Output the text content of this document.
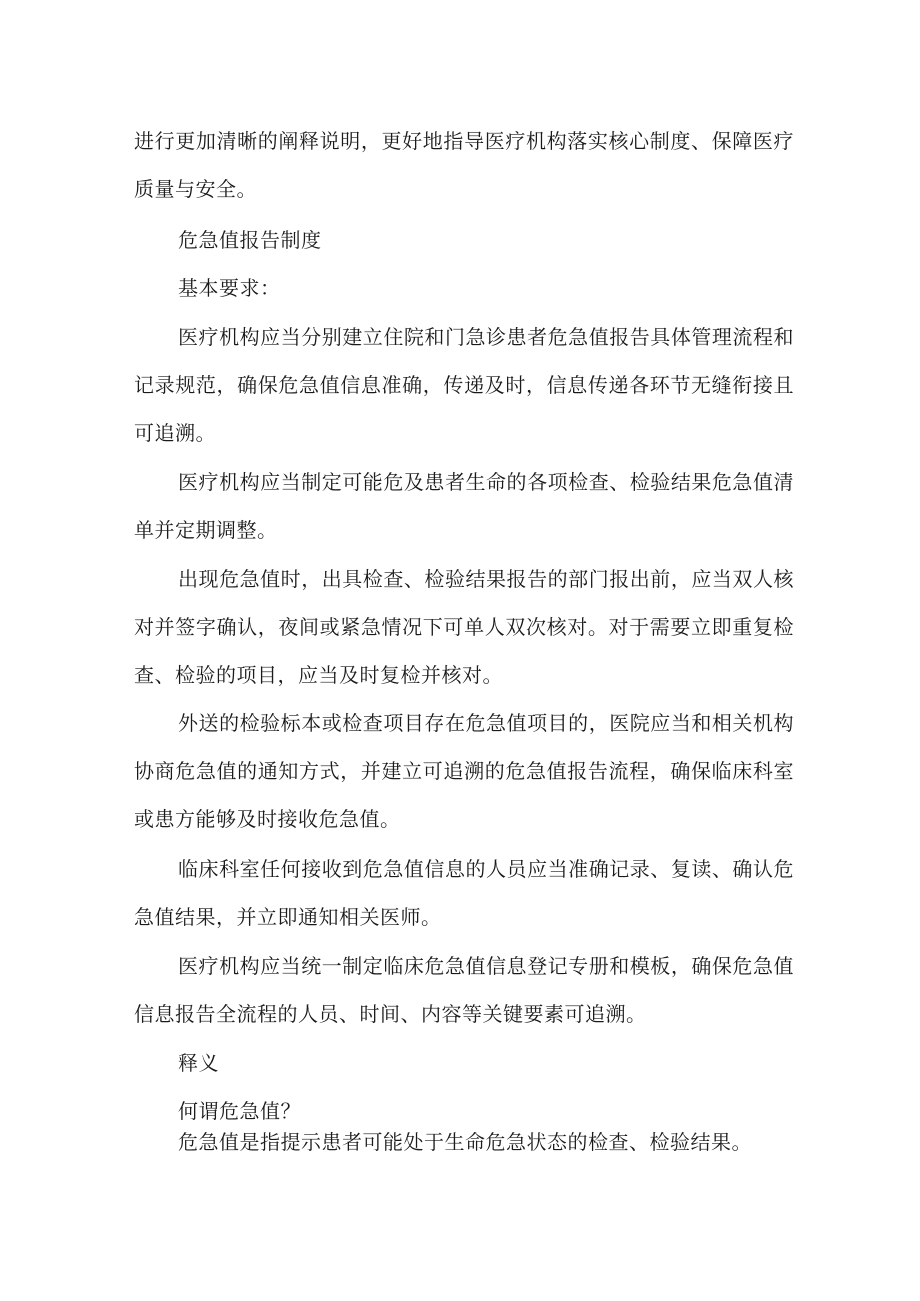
进行更加清晰的阐释说明，更好地指导医疗机构落实核心制度、保障医疗质量与安全。

危急值报告制度

基本要求：

医疗机构应当分别建立住院和门急诊患者危急值报告具体管理流程和记录规范，确保危急值信息准确，传递及时，信息传递各环节无缝衔接且可追溯。

医疗机构应当制定可能危及患者生命的各项检查、检验结果危急值清单并定期调整。

出现危急值时，出具检查、检验结果报告的部门报出前，应当双人核对并签字确认，夜间或紧急情况下可单人双次核对。对于需要立即重复检查、检验的项目，应当及时复检并核对。

外送的检验标本或检查项目存在危急值项目的，医院应当和相关机构协商危急值的通知方式，并建立可追溯的危急值报告流程，确保临床科室或患方能够及时接收危急值。

临床科室任何接收到危急值信息的人员应当准确记录、复读、确认危急值结果，并立即通知相关医师。

医疗机构应当统一制定临床危急值信息登记专册和模板，确保危急值信息报告全流程的人员、时间、内容等关键要素可追溯。

释义

何谓危急值？

危急值是指提示患者可能处于生命危急状态的检查、检验结果。
